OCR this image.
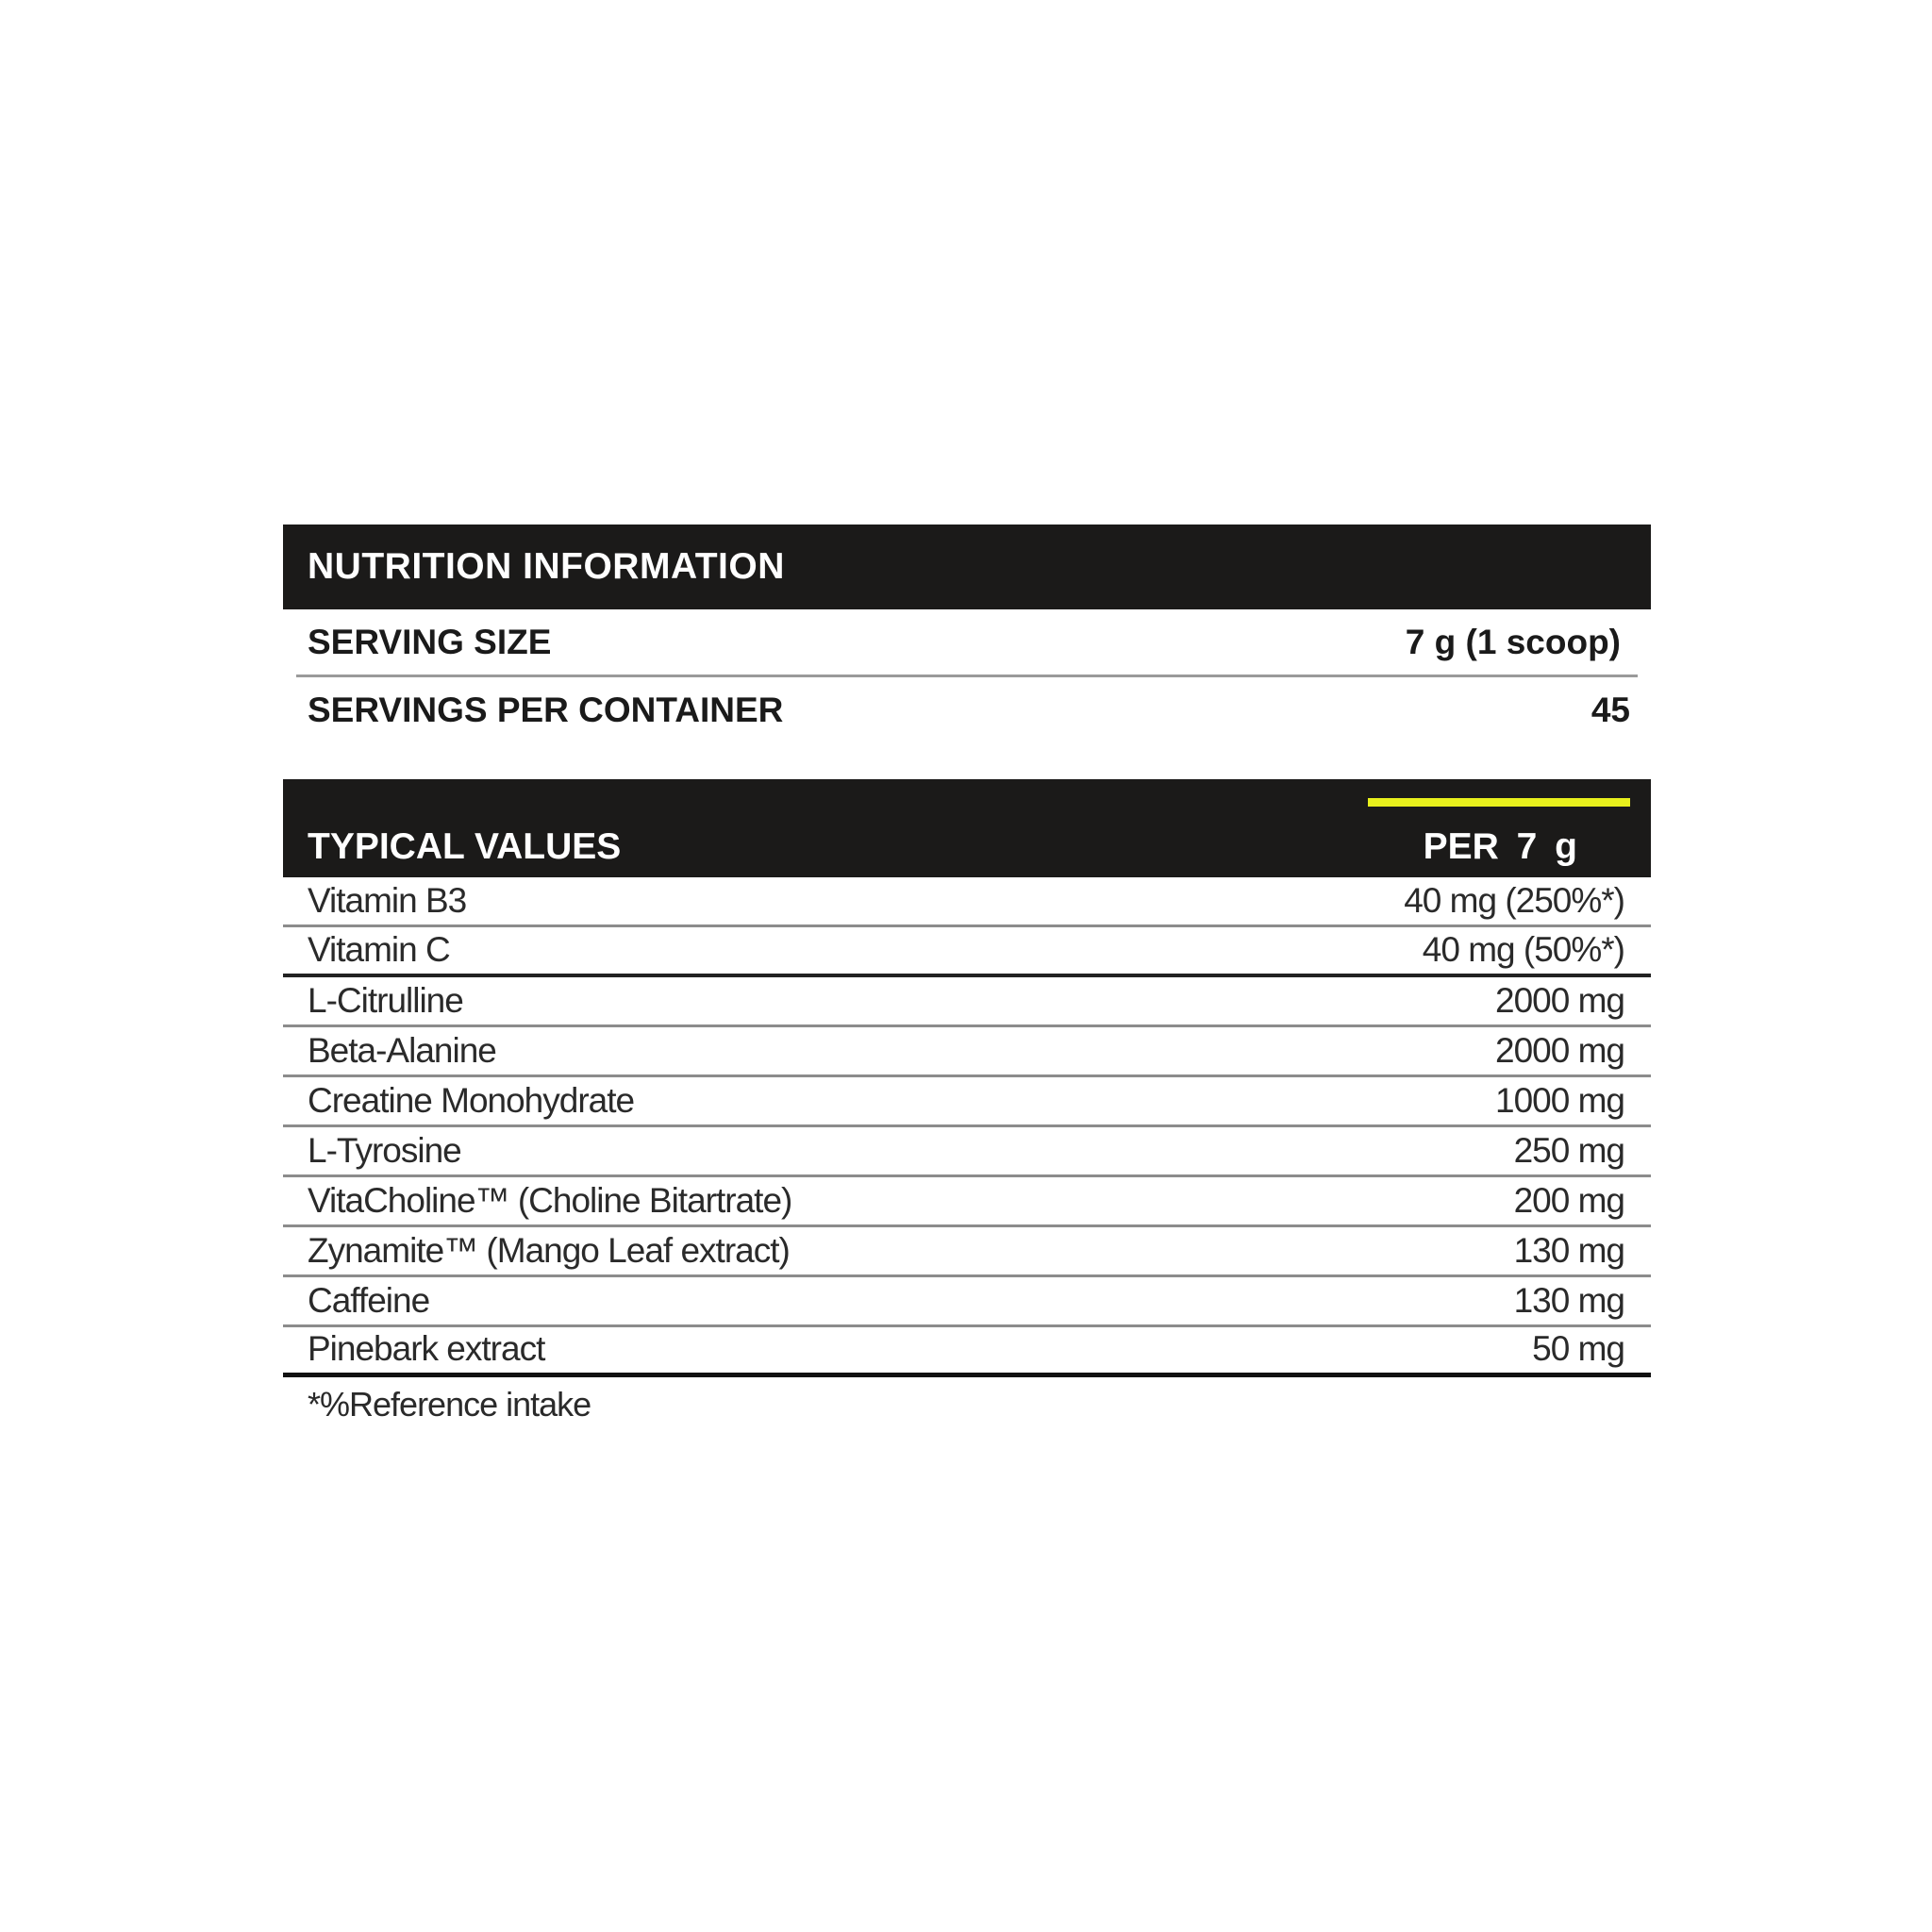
NUTRITION INFORMATION
SERVING SIZE	7 g (1 scoop)
SERVINGS PER CONTAINER	45
TYPICAL VALUES	PER 7 g
Vitamin B3	40 mg (250%*)
Vitamin C	40 mg (50%*)
L-Citrulline	2000 mg
Beta-Alanine	2000 mg
Creatine Monohydrate	1000 mg
L-Tyrosine	250 mg
VitaCholine™ (Choline Bitartrate)	200 mg
Zynamite™ (Mango Leaf extract)	130 mg
Caffeine	130 mg
Pinebark extract	50 mg
*%Reference intake
